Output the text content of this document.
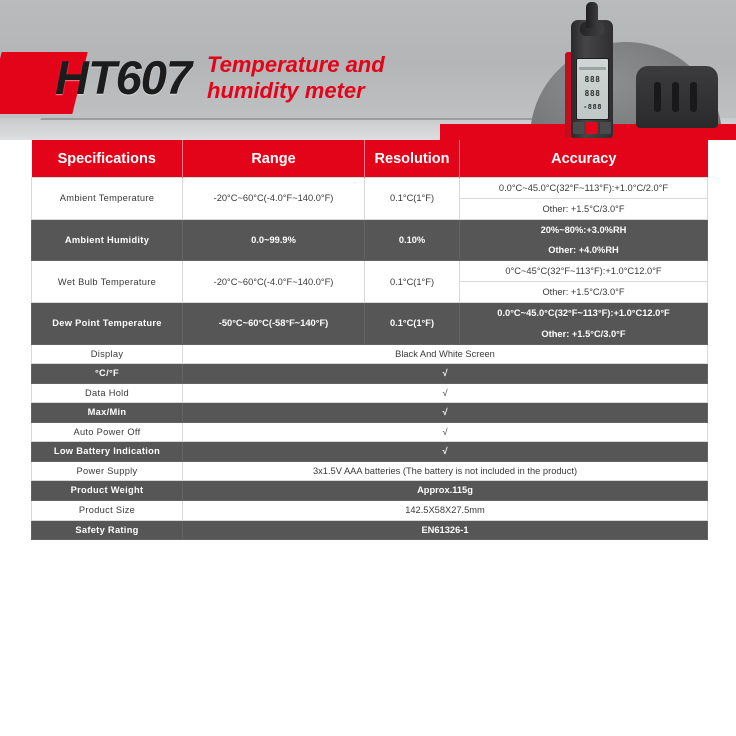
HT607 Temperature and
humidity meter	888
888
-888
Specifications	Range	Resolution	Accuracy
Ambient Temperature	-20°C~60°C(-4.0°F~140.0°F)	0.1°C(1°F)	0.0°C~45.0°C(32°F~113°F):+1.0°C/2.0°F
Other: +1.5°C/3.0°F

Ambient Humidity	0.0~99.9%	0.10%	20%~80%:+3.0%RH
Other: +4.0%RH

Wet Bulb Temperature	-20°C~60°C(-4.0°F~140.0°F)	0.1°C(1°F)	0°C~45°C(32°F~113°F):+1.0°C12.0°F
Other: +1.5°C/3.0°F

Dew Point Temperature	-50°C~60°C(-58°F~140°F)	0.1°C(1°F)	0.0°C~45.0°C(32°F~113°F):+1.0°C12.0°F
Other: +1.5°C/3.0°F

Display	Black And White Screen		
°C/°F	√		
Data Hold	√		
Max/Min	√		
Auto Power Off	√		
Low Battery Indication	√		
Power Supply	3x1.5V AAA batteries (The battery is not included in the product)		
Product Weight	Approx.115g		
Product Size	142.5X58X27.5mm		
Safety Rating	EN61326-1		
